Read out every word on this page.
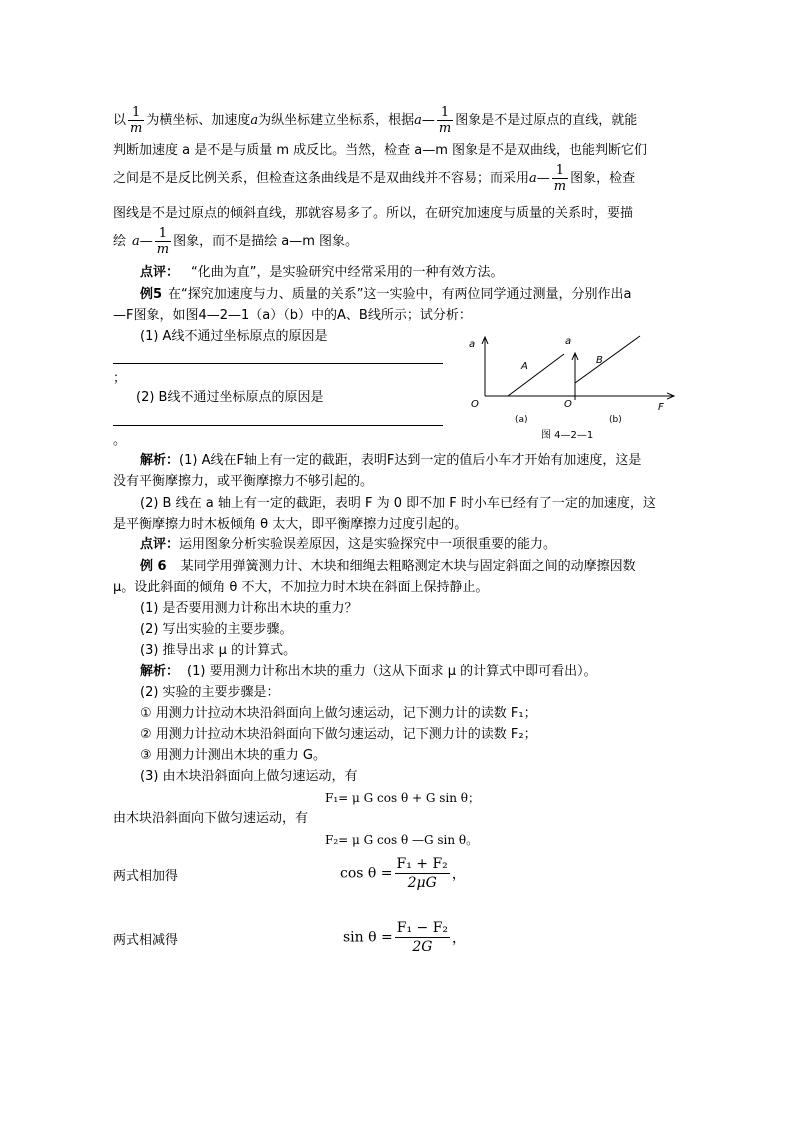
以 $\frac{1}{m}$ 为横坐标、加速度a为纵坐标建立坐标系，根据a— $\frac{1}{m}$ 图象是不是过原点的直线，就能
判断加速度 a 是不是与质量 m 成反比。当然，检查 a—m 图象是不是双曲线，也能判断它们
之间是不是反比例关系，但检查这条曲线是不是双曲线并不容易；而采用a— $\frac{1}{m}$ 图象，检查
图线是不是过原点的倾斜直线，那就容易多了。所以，在研究加速度与质量的关系时，要描
绘 a— $\frac{1}{m}$ 图象，而不是描绘 a—m 图象。
点评： “化曲为直”，是实验研究中经常采用的一种有效方法。
例5 在“探究加速度与力、质量的关系”这一实验中，有两位同学通过测量，分别作出a
—F图象，如图4—2—1（a）（b）中的A、B线所示；试分析：
(1) A线不通过坐标原点的原因是
；
(2) B线不通过坐标原点的原因是
。
a	a
A
B
O	O	F
(a)	(b)
图 4—2—1
解析：(1) A线在F轴上有一定的截距，表明F达到一定的值后小车才开始有加速度，这是
没有平衡摩擦力，或平衡摩擦力不够引起的。
(2) B 线在 a 轴上有一定的截距，表明 F 为 0 即不加 F 时小车已经有了一定的加速度，这
是平衡摩擦力时木板倾角 θ 太大，即平衡摩擦力过度引起的。
点评：运用图象分析实验误差原因，这是实验探究中一项很重要的能力。
例 6 某同学用弹簧测力计、木块和细绳去粗略测定木块与固定斜面之间的动摩擦因数
μ。设此斜面的倾角 θ 不大，不加拉力时木块在斜面上保持静止。
(1) 是否要用测力计称出木块的重力？
(2) 写出实验的主要步骤。
(3) 推导出求 μ 的计算式。
解析： (1) 要用测力计称出木块的重力（这从下面求 μ 的计算式中即可看出）。
(2) 实验的主要步骤是：
① 用测力计拉动木块沿斜面向上做匀速运动，记下测力计的读数 F₁；
② 用测力计拉动木块沿斜面向下做匀速运动，记下测力计的读数 F₂；
③ 用测力计测出木块的重力 G。
(3) 由木块沿斜面向上做匀速运动，有
F₁= μ G cos θ + G sin θ；
由木块沿斜面向下做匀速运动，有
F₂= μ G cos θ —G sin θ。
两式相加得	$\cos \theta = \frac{\text{F₁ + F₂}}{2\mu G}$ ，
两式相减得	$\sin \theta = \frac{\text{F₁ − F₂}}{2G}$ ，
